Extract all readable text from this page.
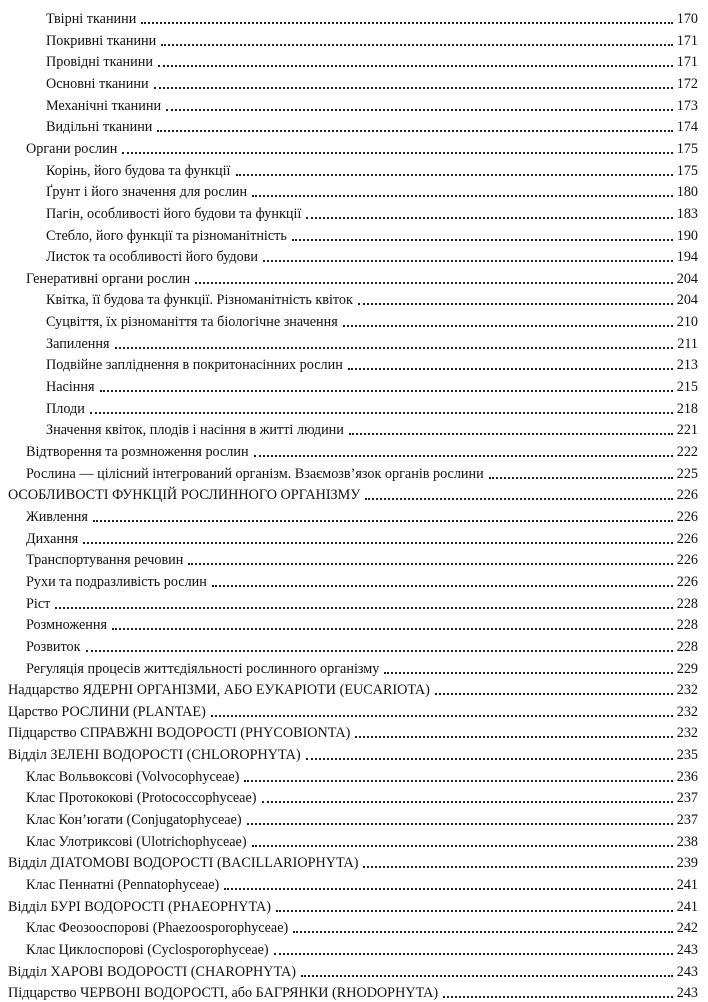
Твірні тканини	170
Покривні тканини	171
Провідні тканини	171
Основні тканини	172
Механічні тканини	173
Видільні тканини	174
Органи рослин	175
Корінь, його будова та функції	175
Ґрунт і його значення для рослин	180
Пагін, особливості його будови та функції	183
Стебло, його функції та різноманітність	190
Листок та особливості його будови	194
Генеративні органи рослин	204
Квітка, її будова та функції. Різноманітність квіток	204
Суцвіття, їх різноманіття та біологічне значення	210
Запилення	211
Подвійне запліднення в покритонасінних рослин	213
Насіння	215
Плоди	218
Значення квіток, плодів і насіння в житті людини	221
Відтворення та розмноження рослин	222
Рослина — цілісний інтегрований організм. Взаємозв’язок органів рослини	225
ОСОБЛИВОСТІ ФУНКЦІЙ РОСЛИННОГО ОРГАНІЗМУ	226
Живлення	226
Дихання	226
Транспортування речовин	226
Рухи та подразливість рослин	226
Ріст	228
Розмноження	228
Розвиток	228
Регуляція процесів життєдіяльності рослинного організму	229
Надцарство ЯДЕРНІ ОРГАНІЗМИ, АБО ЕУКАРІОТИ (EUCARIOTA)	232
Царство РОСЛИНИ (PLANTAE)	232
Підцарство СПРАВЖНІ ВОДОРОСТІ (PHYCOBIONTA)	232
Відділ ЗЕЛЕНІ ВОДОРОСТІ (CHLOROPHYTA)	235
Клас Вольвоксові (Volvocophyceae)	236
Клас Протококові (Protococcophyceae)	237
Клас Кон’югати (Conjugatophyceae)	237
Клас Улотриксові (Ulotrichophyceae)	238
Відділ ДІАТОМОВІ ВОДОРОСТІ (BACILLARIOPHYTA)	239
Клас Пеннатні (Pennatophyceae)	241
Відділ БУРІ ВОДОРОСТІ (PHAEOPHYTA)	241
Клас Феозооспорові (Phaezoosporophyceae)	242
Клас Циклоспорові (Cyclosporophyceae)	243
Відділ ХАРОВІ ВОДОРОСТІ (CHAROPHYTA)	243
Підцарство ЧЕРВОНІ ВОДОРОСТІ, або БАГРЯНКИ (RHODOPHYTA)	243
